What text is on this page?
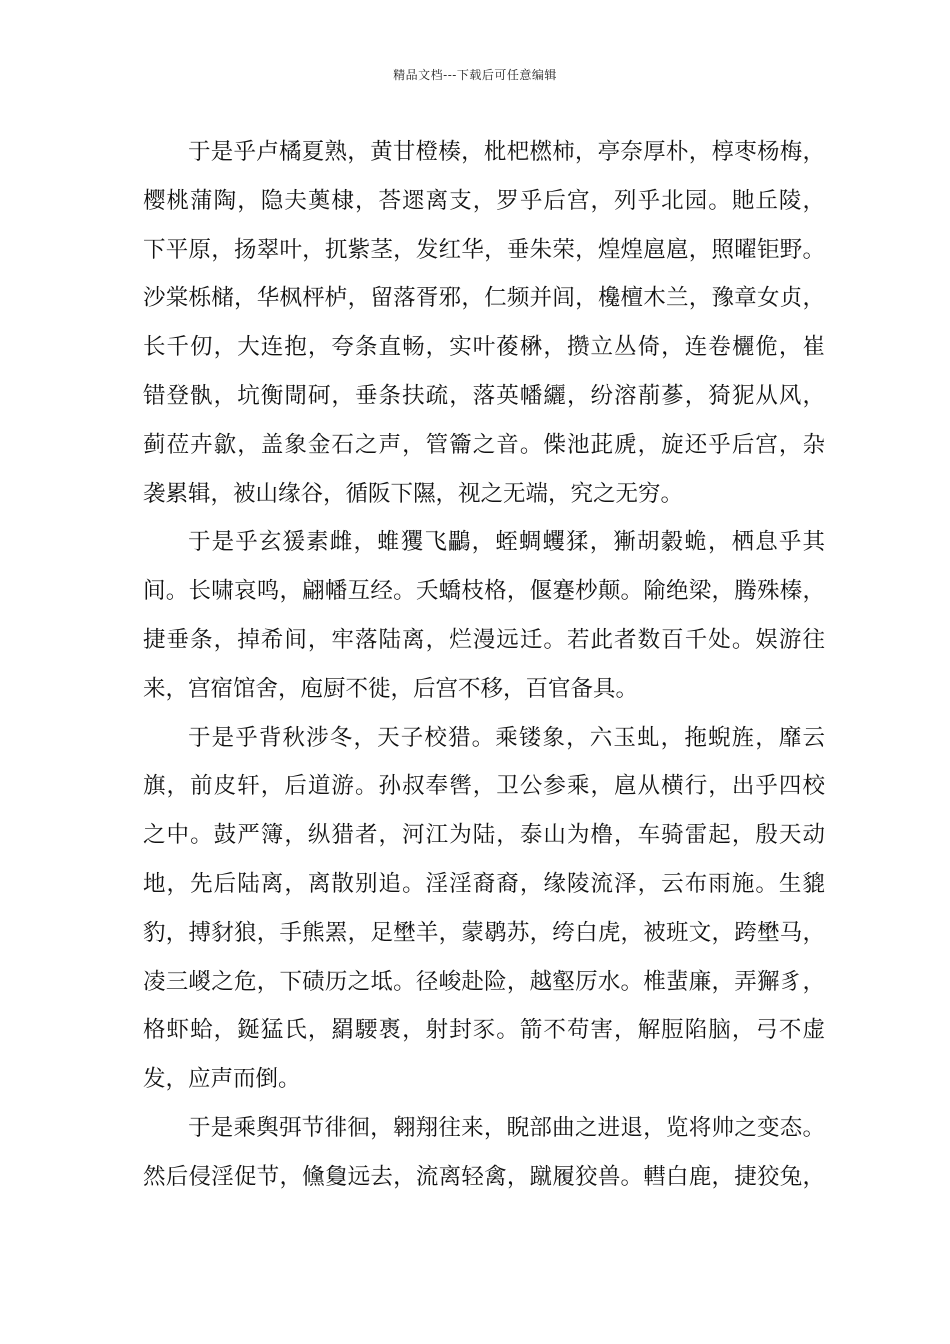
精品文档---下载后可任意编辑
于是乎卢橘夏熟，黄甘橙楱，枇杷橪柿，亭奈厚朴，椁枣杨梅，
樱桃蒲陶，隐夫薁棣，荅遝离支，罗乎后宫，列乎北园。貤丘陵，
下平原，扬翠叶，扤紫茎，发红华，垂朱荣，煌煌扈扈，照曜钜野。
沙棠栎槠，华枫枰栌，留落胥邪，仁频并闾，欃檀木兰，豫章女贞，
长千仞，大连抱，夸条直畅，实叶葰楙，攒立丛倚，连卷欐佹，崔
错登骫，坑衡閜砢，垂条扶疏，落英幡纚，纷溶萷蔘，猗狔从风，
蓟莅卉歙，盖象金石之声，管籥之音。偨池茈虒，旋还乎后宫，杂
袭累辑，被山缘谷，循阪下隰，视之无端，究之无穷。
于是乎玄猨素雌，蜼玃飞鸓，蛭蜩蠼猱，獑胡豰蛫，栖息乎其
间。长啸哀鸣，翩幡互经。夭蟜枝格，偃蹇杪颠。隃绝梁，腾殊榛，
捷垂条，掉希间，牢落陆离，烂漫远迁。若此者数百千处。娱游往
来，宫宿馆舍，庖厨不徙，后宫不移，百官备具。
于是乎背秋涉冬，天子校猎。乘镂象，六玉虬，拖蜺旌，靡云
旗，前皮轩，后道游。孙叔奉辔，卫公参乘，扈从横行，出乎四校
之中。鼓严簿，纵猎者，河江为陆，泰山为橹，车骑雷起，殷天动
地，先后陆离，离散别追。淫淫裔裔，缘陵流泽，云布雨施。生貔
豹，搏豺狼，手熊罴，足壄羊，蒙鹖苏，绔白虎，被班文，跨壄马，
凌三嵕之危，下碛历之坻。径峻赴险，越壑厉水。椎蜚廉，弄獬豸，
格虾蛤，鋋猛氏，羂騕褭，射封豕。箭不苟害，解脰陷脑，弓不虚
发，应声而倒。
于是乘舆弭节徘徊，翱翔往来，睨部曲之进退，览将帅之变态。
然后侵淫促节，儵敻远去，流离轻禽，蹴履狡兽。轊白鹿，捷狡兔，
